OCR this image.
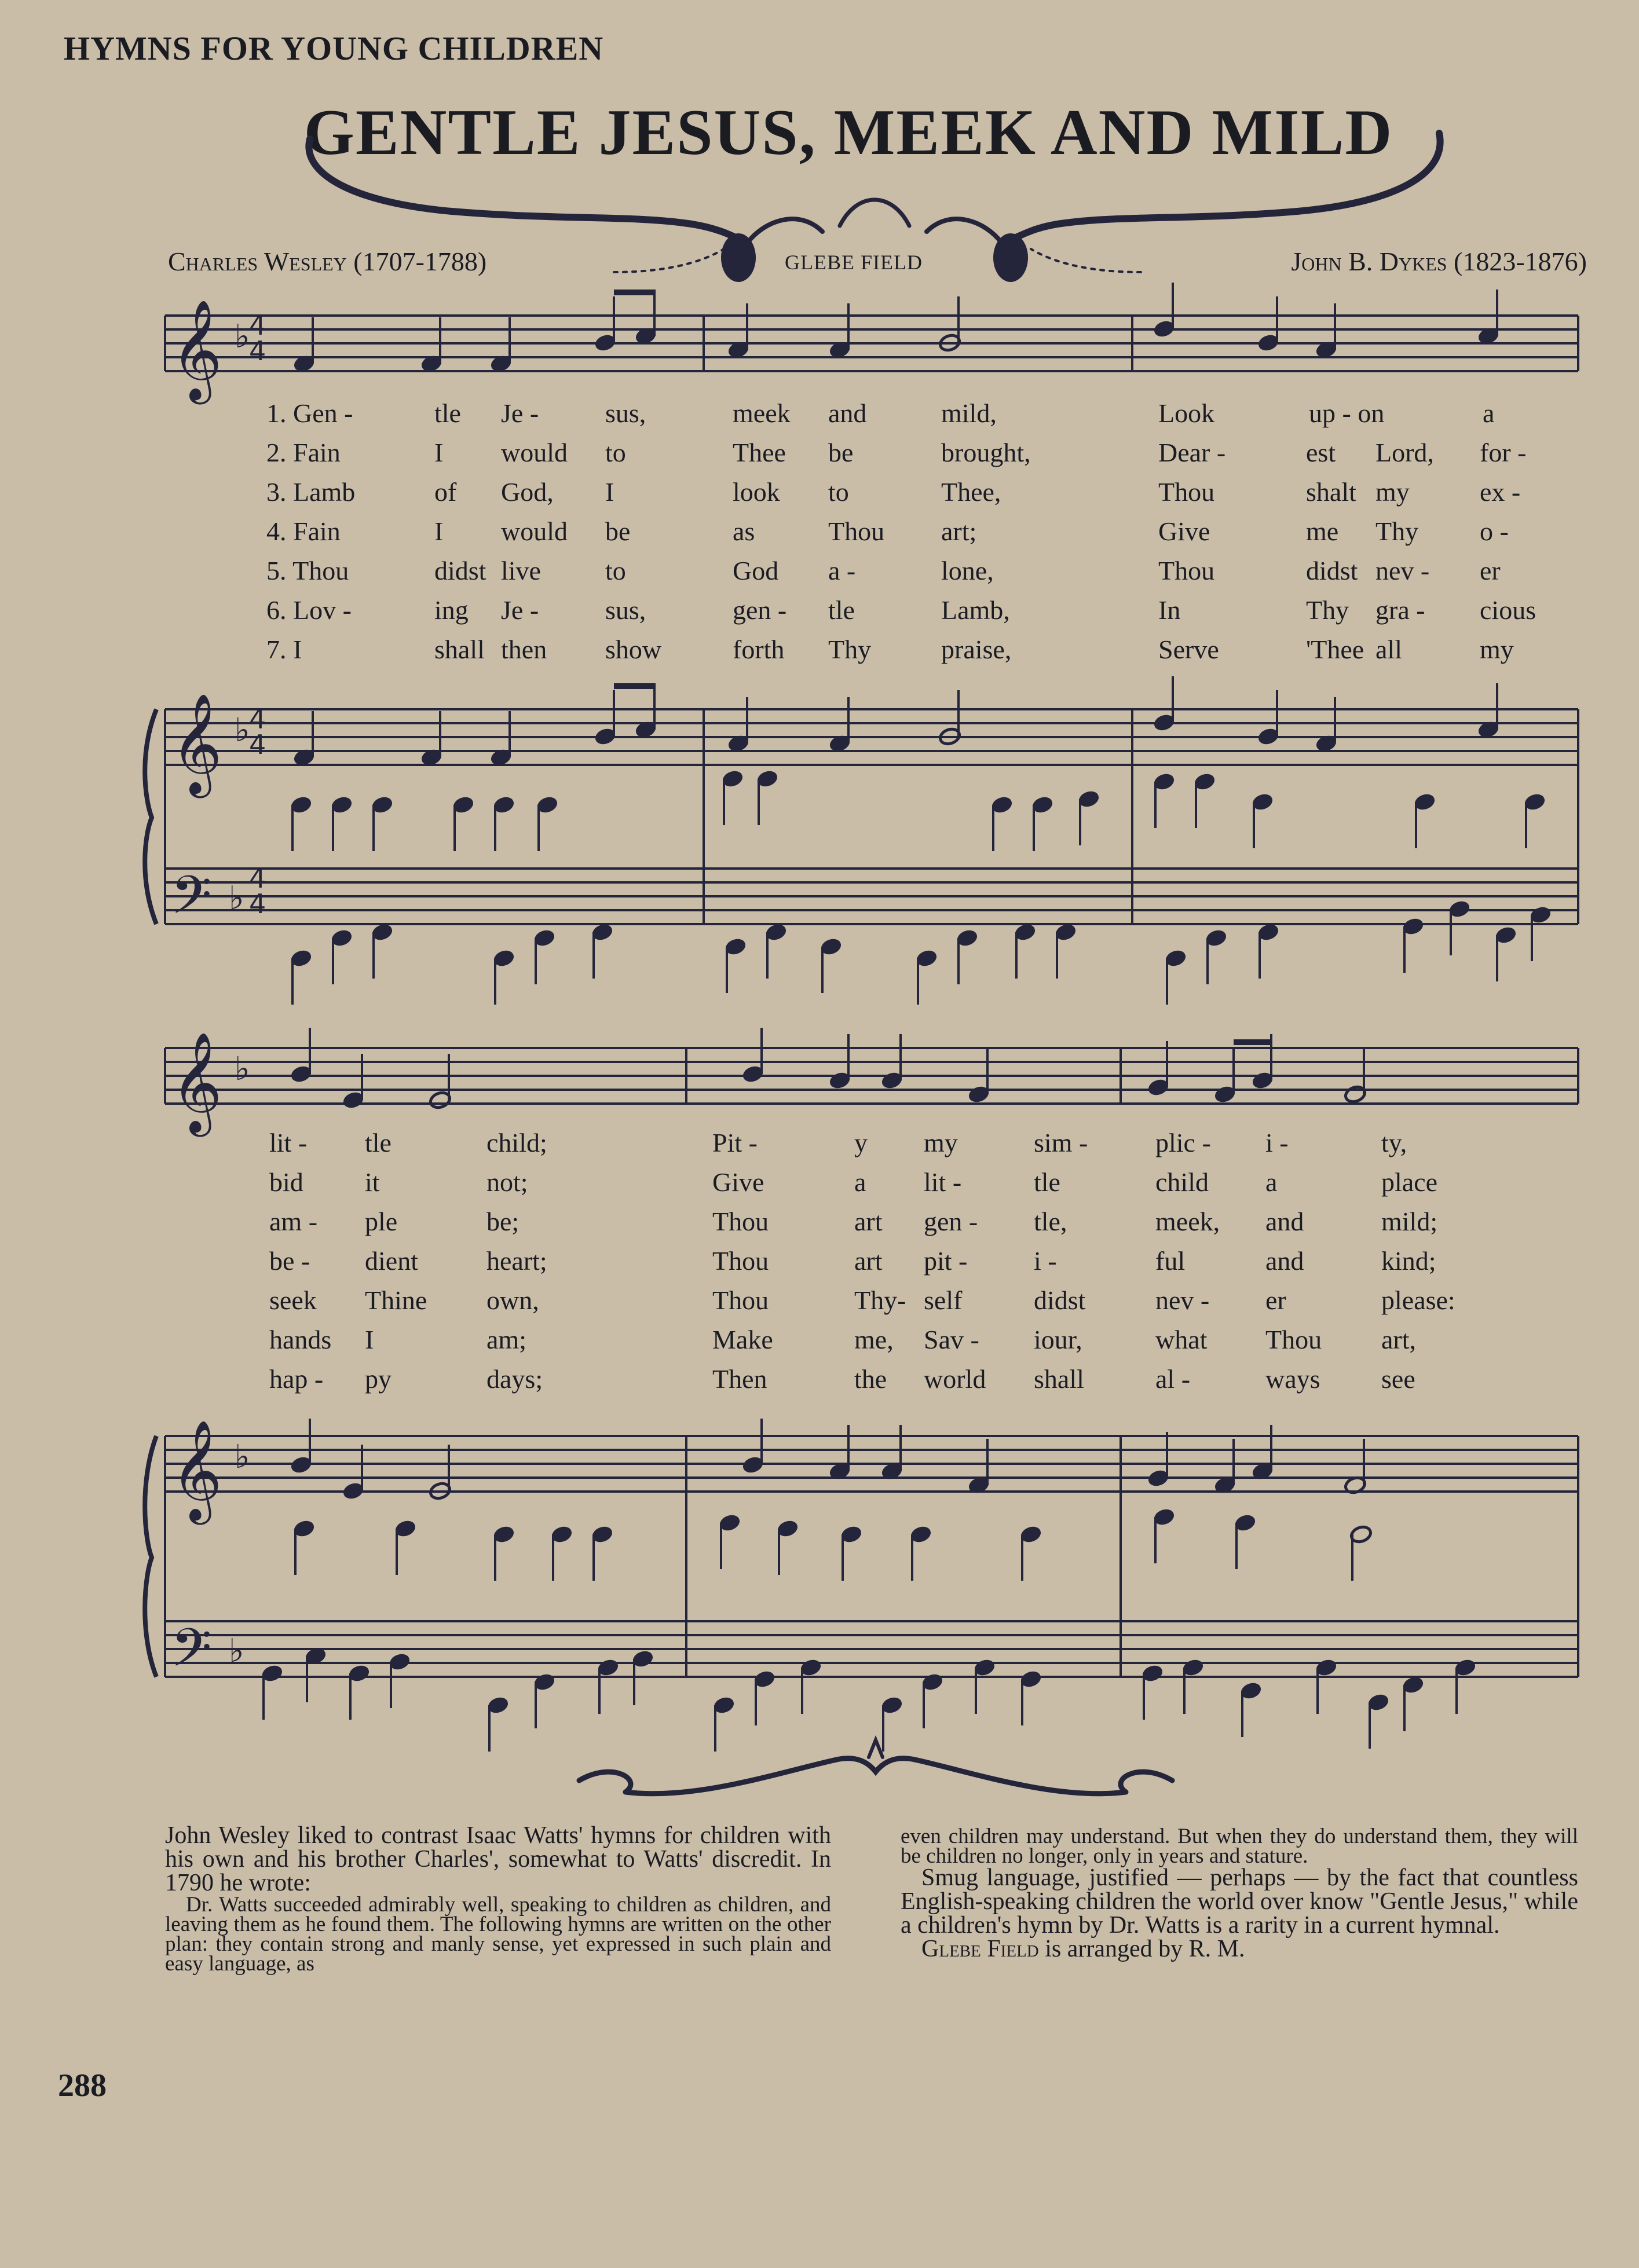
HYMNS FOR YOUNG CHILDREN
GENTLE JESUS, MEEK AND MILD
𝄞 ♭
4
4
𝄞
𝄢
♭
♭
4
4
4
4
𝄞 ♭
𝄞
𝄢
♭
♭
Charles Wesley (1707-1788)	GLEBE FIELD	John B. Dykes (1823-1876)
1. Gen -	tle Je - sus,	meek and	mild,	Look	up - on	a
2. Fain	I would to	Thee be	brought,	Dear -	est Lord, for -
3. Lamb	of God, I	look to	Thee,	Thou	shalt my	ex -
4. Fain	I would be	as	Thou art;	Give	me Thy o -
5. Thou	didst live to	God a -	lone,	Thou	didst nev - er
6. Lov -	ing Je - sus,	gen - tle	Lamb,	In	Thy gra - cious
7. I	shall then show	forth Thy	praise,	Serve	'Thee all	my
lit - tle	child;	Pit -	y my	sim -	plic - i -	ty,
bid it	not;	Give	a lit -	tle	child a	place
am - ple	be;	Thou	art gen - tle,	meek, and	mild;
be - dient	heart;	Thou	art pit - i -	ful	and	kind;
seek Thine own,	Thou	Thy- self	didst	nev - er	please:
hands I	am;	Make	me, Sav - iour,	what Thou art,
hap - py	days;	Then	the world shall	al -	ways see

John Wesley liked to contrast Isaac Watts' hymns for children with his own and his brother Charles', somewhat to Watts' discredit. In 1790 he wrote:

Dr. Watts succeeded admirably well, speaking to children as children, and leaving them as he found them. The following hymns are written on the other plan: they contain strong and manly sense, yet expressed in such plain and easy language, as

even children may understand. But when they do understand them, they will be children no longer, only in years and stature.

Smug language, justified — perhaps — by the fact that countless English-speaking children the world over know "Gentle Jesus," while a children's hymn by Dr. Watts is a rarity in a current hymnal.

Glebe Field is arranged by R. M.

288
